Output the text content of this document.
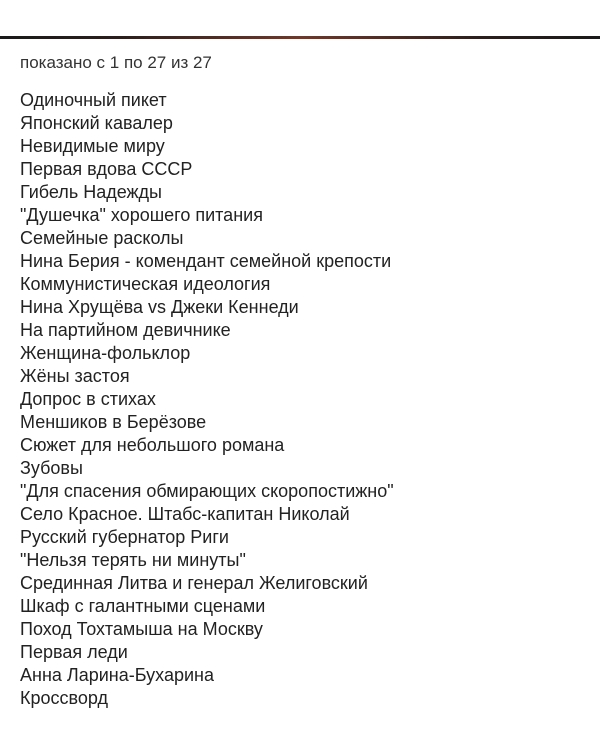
показано с 1 по 27 из 27
Одиночный пикет
Японский кавалер
Невидимые миру
Первая вдова СССР
Гибель Надежды
"Душечка" хорошего питания
Семейные расколы
Нина Берия - комендант семейной крепости
Коммунистическая идеология
Нина Хрущёва vs Джеки Кеннеди
На партийном девичнике
Женщина-фольклор
Жёны застоя
Допрос в стихах
Меншиков в Берёзове
Сюжет для небольшого романа
Зубовы
"Для спасения обмирающих скоропостижно"
Село Красное. Штабс-капитан Николай
Русский губернатор Риги
"Нельзя терять ни минуты"
Срединная Литва и генерал Желиговский
Шкаф с галантными сценами
Поход Тохтамыша на Москву
Первая леди
Анна Ларина-Бухарина
Кроссворд
